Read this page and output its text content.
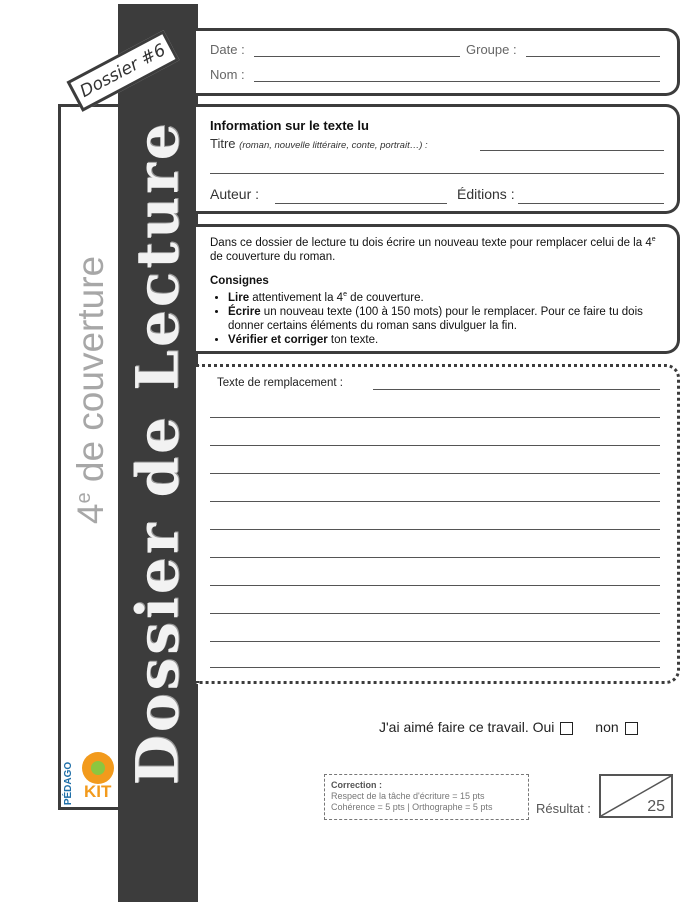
4e de couverture Dossier de Lecture
Dossier #6
PÉDAGO KIT
Date :	Groupe :
Nom :
Information sur le texte lu
Titre (roman, nouvelle littéraire, conte, portrait…) :
Auteur :	Éditions :
Dans ce dossier de lecture tu dois écrire un nouveau texte pour remplacer celui de la 4e de couverture du roman.
Consignes
• Lire attentivement la 4e de couverture.
• Écrire un nouveau texte (100 à 150 mots) pour le remplacer. Pour ce faire tu dois donner certains éléments du roman sans divulguer la fin.
• Vérifier et corriger ton texte.
Texte de remplacement :
J'ai aimé faire ce travail. Oui	non
Correction :
Respect de la tâche d'écriture = 15 pts
Cohérence = 5 pts | Orthographe = 5 pts	Résultat :	25
